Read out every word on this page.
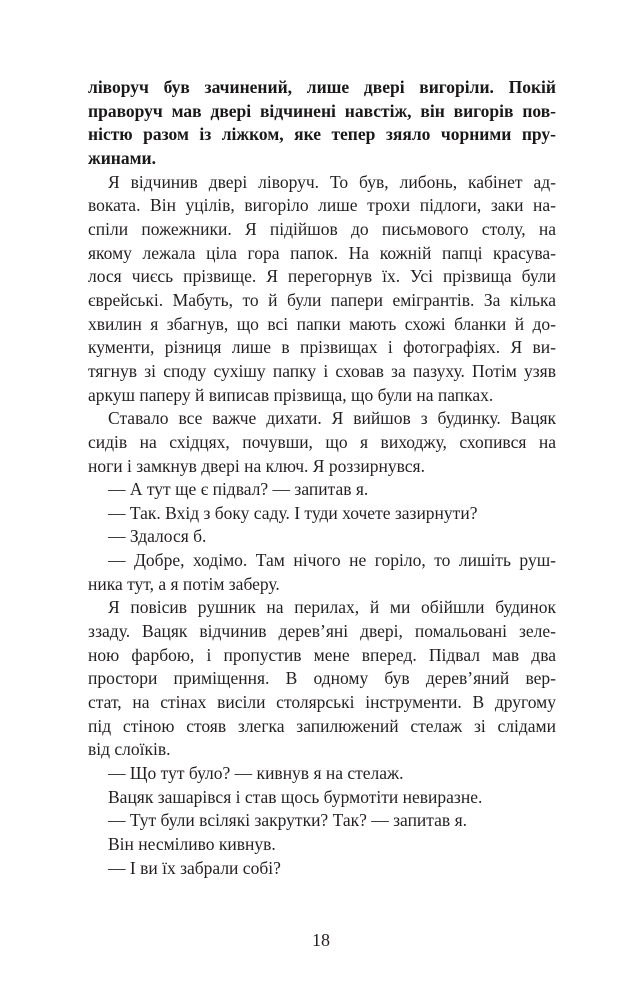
ліворуч був зачинений, лише двері вигоріли. Покій
праворуч мав двері відчинені навстіж, він вигорів пов-
ністю разом із ліжком, яке тепер зяяло чорними пру-
жинами.
Я відчинив двері ліворуч. То був, либонь, кабінет ад-
воката. Він уцілів, вигоріло лише трохи підлоги, заки на-
спіли пожежники. Я підійшов до письмового столу, на
якому лежала ціла гора папок. На кожній папці красува-
лося чиєсь прізвище. Я перегорнув їх. Усі прізвища були
єврейські. Мабуть, то й були папери емігрантів. За кілька
хвилин я збагнув, що всі папки мають схожі бланки й до-
кументи, різниця лише в прізвищах і фотографіях. Я ви-
тягнув зі споду сухішу папку і сховав за пазуху. Потім узяв
аркуш паперу й виписав прізвища, що були на папках.
Ставало все важче дихати. Я вийшов з будинку. Вацяк
сидів на східцях, почувши, що я виходжу, схопився на
ноги і замкнув двері на ключ. Я роззирнувся.
— А тут ще є підвал? — запитав я.
— Так. Вхід з боку саду. І туди хочете зазирнути?
— Здалося б.
— Добре, ходімо. Там нічого не горіло, то лишіть руш-
ника тут, а я потім заберу.
Я повісив рушник на перилах, й ми обійшли будинок
ззаду. Вацяк відчинив дерев’яні двері, помальовані зеле-
ною фарбою, і пропустив мене вперед. Підвал мав два
простори приміщення. В одному був дерев’яний вер-
стат, на стінах висіли столярські інструменти. В другому
під стіною стояв злегка запилюжений стелаж зі слідами
від слоїків.
— Що тут було? — кивнув я на стелаж.
Вацяк зашарівся і став щось бурмотіти невиразне.
— Тут були всілякі закрутки? Так? — запитав я.
Він несміливо кивнув.
— І ви їх забрали собі?
18
